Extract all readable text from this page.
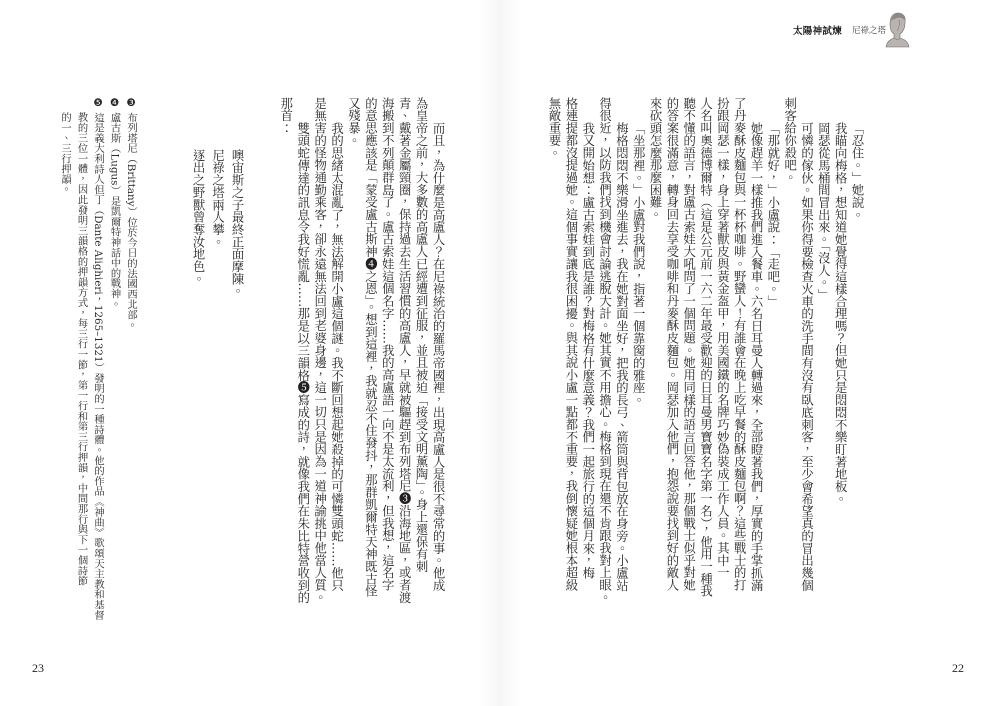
太陽神試煉 尼祿之塔
「忍住。」她說。
我瞄向梅格，想知道她覺得這樣合理嗎？但她只是悶悶不樂盯著地板。
岡瑟從馬桶間冒出來。「沒人。」
可憐的傢伙。如果你得要檢查火車的洗手間有沒有臥底刺客，至少會希望真的冒出幾個
刺客給你殺吧。
「那就好，」小盧說：「走吧。」
她像趕羊一樣推我們進入餐車。六名日耳曼人轉過來，全部瞪著我們，厚實的手掌抓滿
了丹麥酥皮麵包與一杯杯咖啡。野蠻人！有誰會在晚上吃早餐的酥皮麵包啊？這些戰士的打
扮跟岡瑟一樣，身上穿著獸皮與黃金盔甲，用美國鐵的名牌巧妙偽裝成工作人員。其中一
人名叫奧德博爾特（這是公元前一六二年最受歡迎的日耳曼男寶寶名字第一名），他用一種我
聽不懂的語言，對盧古索娃大吼問了一個問題。她用同樣的語言回答他，那個戰士似乎對她
的答案很滿意，轉身回去享受咖啡和丹麥酥皮麵包。岡瑟加入他們，抱怨說要找到好的敵人
來砍頭怎麼那麼困難。
「坐那裡。」小盧對我們說，指著一個靠窗的雅座。
梅格悶悶不樂滑坐進去，我在她對面坐好，把我的長弓、箭筒與背包放在身旁。小盧站
得很近，以防我們找到機會討論逃脫大計。她其實不用擔心。梅格到現在還不肯跟我對上眼。
我又開始想：盧古索娃到底是誰？對梅格有什麼意義？我們一起旅行的這個月來，梅
格連提都沒提過她。這個事實讓我很困擾。與其說小盧一點都不重要，我倒懷疑她根本超級
無敵重要。
而且，為什麼是高盧人？在尼祿統治的羅馬帝國裡，出現高盧人是很不尋常的事。他成
為皇帝之前，大多數的高盧人已經遭到征服，並且被迫「接受文明薰陶」。身上還保有刺
青、戴著金屬頸圈，保持過去生活習慣的高盧人，早就被驅趕到布列塔尼❸沿海地區，或者渡
海搬到不列顛群島了。盧古索娃這個名字……我的高盧語一向不是太流利，但我想，這名字
的意思應該是「蒙受盧古斯神❹之恩」。想到這裡，我就忍不住發抖，那群凱爾特天神既古怪
又殘暴。
我的思緒太混亂了，無法解開小盧這個謎。我不斷回想起她殺掉的可憐雙頭蛇……他只
是無害的怪物通勤乘客，卻永遠無法回到老婆身邊，這一切只是因為一道神諭挑中他當人質。
雙頭蛇傳達的訊息令我好慌亂……那是以三韻格❺寫成的詩，就像我們在朱比特營收到的
那首：
噢宙斯之子最終正面摩陳。
尼祿之塔兩人攀。
逐出之野獸曾奪汝地色。
❸ 布列塔尼（Brittany）位於今日的法國西北部。
❹ 盧古斯（Lugus）是凱爾特神話中的戰神。
❺ 這是義大利詩人但丁（Dante Alighieri，1265–1321）發明的一種詩體。他的作品《神曲》歌頌天主教和基督
教的三位一體，因此發明三韻格的押韻方式，每三行一節，第一行和第三行押韻，中間那行與下一個詩節
的一、三行押韻。
23	22
